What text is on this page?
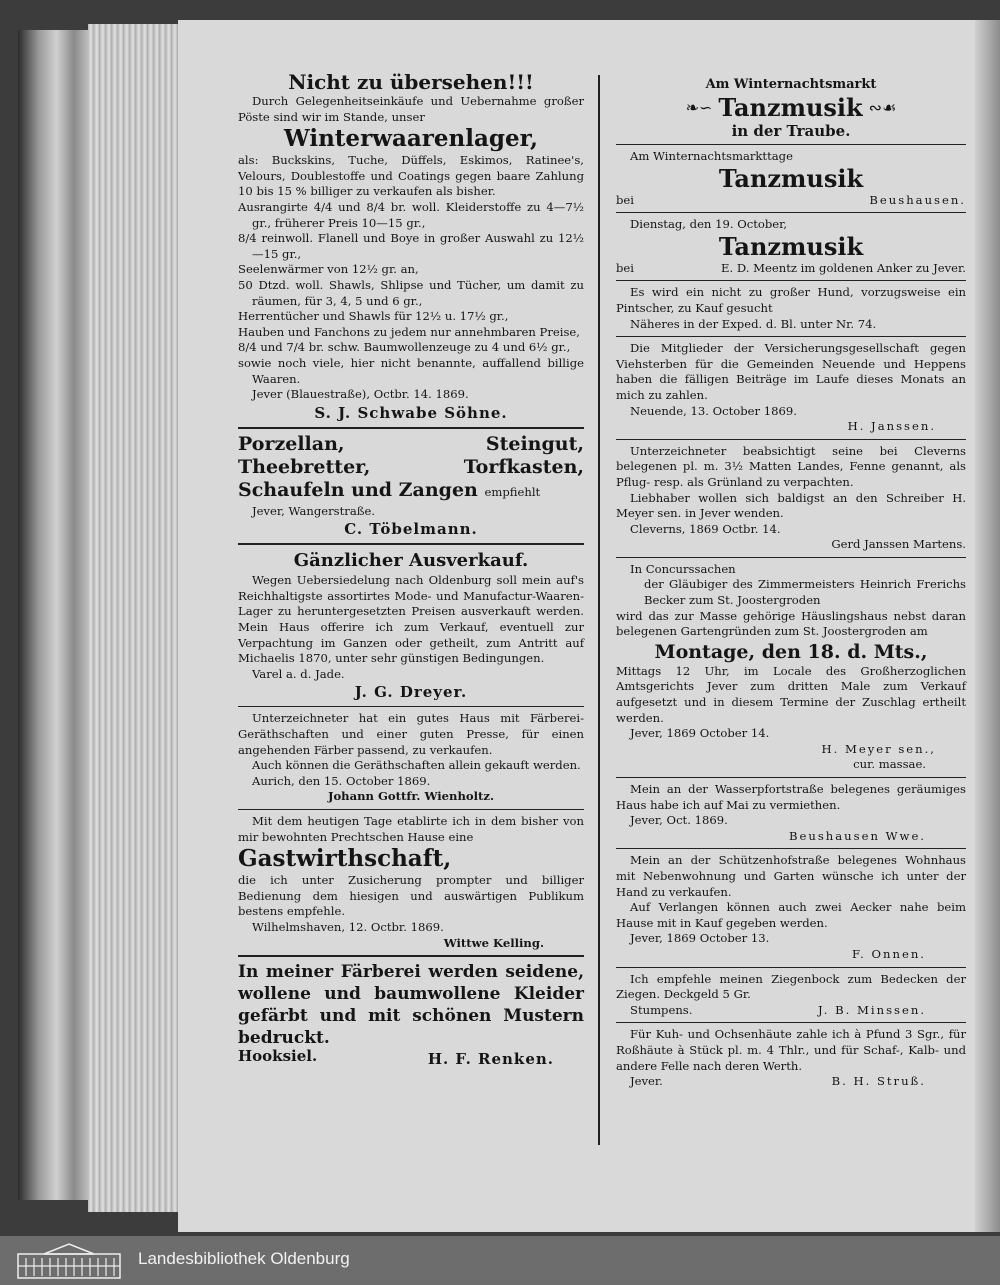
Nicht zu übersehen!!!

Durch Gelegenheitseinkäufe und Uebernahme großer Pöste sind wir im Stande, unser

Winterwaarenlager,

als: Buckskins, Tuche, Düffels, Eskimos, Ratinee's, Velours, Doublestoffe und Coatings gegen baare Zahlung 10 bis 15 % billiger zu verkaufen als bisher.

Ausrangirte 4/4 und 8/4 br. woll. Kleiderstoffe zu 4—7½ gr., früherer Preis 10—15 gr.,

8/4 reinwoll. Flanell und Boye in großer Auswahl zu 12½—15 gr.,

Seelenwärmer von 12½ gr. an,

50 Dtzd. woll. Shawls, Shlipse und Tücher, um damit zu räumen, für 3, 4, 5 und 6 gr.,

Herrentücher und Shawls für 12½ u. 17½ gr.,

Hauben und Fanchons zu jedem nur annehmbaren Preise,

8/4 und 7/4 br. schw. Baumwollenzeuge zu 4 und 6½ gr.,

sowie noch viele, hier nicht benannte, auffallend billige Waaren.

Jever (Blauestraße), Octbr. 14. 1869.

S. J. Schwabe Söhne.

Porzellan, Steingut, Theebretter, Torfkasten, Schaufeln und Zangen empfiehlt

Jever, Wangerstraße.

C. Töbelmann.
Gänzlicher Ausverkauf.

Wegen Uebersiedelung nach Oldenburg soll mein auf's Reichhaltigste assortirtes Mode- und Manufactur-Waaren-Lager zu heruntergesetzten Preisen ausverkauft werden. Mein Haus offerire ich zum Verkauf, eventuell zur Verpachtung im Ganzen oder getheilt, zum Antritt auf Michaelis 1870, unter sehr günstigen Bedingungen.

Varel a. d. Jade.

J. G. Dreyer.

Unterzeichneter hat ein gutes Haus mit Färberei-Geräthschaften und einer guten Presse, für einen angehenden Färber passend, zu verkaufen.

Auch können die Geräthschaften allein gekauft werden.

Aurich, den 15. October 1869.

Johann Gottfr. Wienholtz.

Mit dem heutigen Tage etablirte ich in dem bisher von mir bewohnten Prechtschen Hause eine

Gastwirthschaft,

die ich unter Zusicherung prompter und billiger Bedienung dem hiesigen und auswärtigen Publikum bestens empfehle.

Wilhelmshaven, 12. Octbr. 1869.

Wittwe Kelling.

In meiner Färberei werden seidene, wollene und baumwollene Kleider gefärbt und mit schönen Mustern bedruckt.

Hooksiel.	H. F. Renken.
Am Winternachtsmarkt
❧∽ Tanzmusik ∾☙
in der Traube.

Am Winternachtsmarkttage

Tanzmusik
bei	Beushausen.

Dienstag, den 19. October,

Tanzmusik
bei	E. D. Meentz im goldenen Anker zu Jever.

Es wird ein nicht zu großer Hund, vorzugsweise ein Pintscher, zu Kauf gesucht

Näheres in der Exped. d. Bl. unter Nr. 74.

Die Mitglieder der Versicherungsgesellschaft gegen Viehsterben für die Gemeinden Neuende und Heppens haben die fälligen Beiträge im Laufe dieses Monats an mich zu zahlen.

Neuende, 13. October 1869.

H. Janssen.

Unterzeichneter beabsichtigt seine bei Cleverns belegenen pl. m. 3½ Matten Landes, Fenne genannt, als Pflug- resp. als Grünland zu verpachten.

Liebhaber wollen sich baldigst an den Schreiber H. Meyer sen. in Jever wenden.

Cleverns, 1869 Octbr. 14.

Gerd Janssen Martens.

In Concurssachen

der Gläubiger des Zimmermeisters Heinrich Frerichs Becker zum St. Joostergroden

wird das zur Masse gehörige Häuslingshaus nebst daran belegenen Gartengründen zum St. Joostergroden am

Montage, den 18. d. Mts.,

Mittags 12 Uhr, im Locale des Großherzoglichen Amtsgerichts Jever zum dritten Male zum Verkauf aufgesetzt und in diesem Termine der Zuschlag ertheilt werden.

Jever, 1869 October 14.

H. Meyer sen.,
cur. massae.

Mein an der Wasserpfortstraße belegenes geräumiges Haus habe ich auf Mai zu vermiethen.

Jever, Oct. 1869.

Beushausen Wwe.

Mein an der Schützenhofstraße belegenes Wohnhaus mit Nebenwohnung und Garten wünsche ich unter der Hand zu verkaufen.

Auf Verlangen können auch zwei Aecker nahe beim Hause mit in Kauf gegeben werden.

Jever, 1869 October 13.

F. Onnen.

Ich empfehle meinen Ziegenbock zum Bedecken der Ziegen. Deckgeld 5 Gr.

Stumpens.	J. B. Minssen.

Für Kuh- und Ochsenhäute zahle ich à Pfund 3 Sgr., für Roßhäute à Stück pl. m. 4 Thlr., und für Schaf-, Kalb- und andere Felle nach deren Werth.

Jever.	B. H. Struß.
Landesbibliothek Oldenburg
